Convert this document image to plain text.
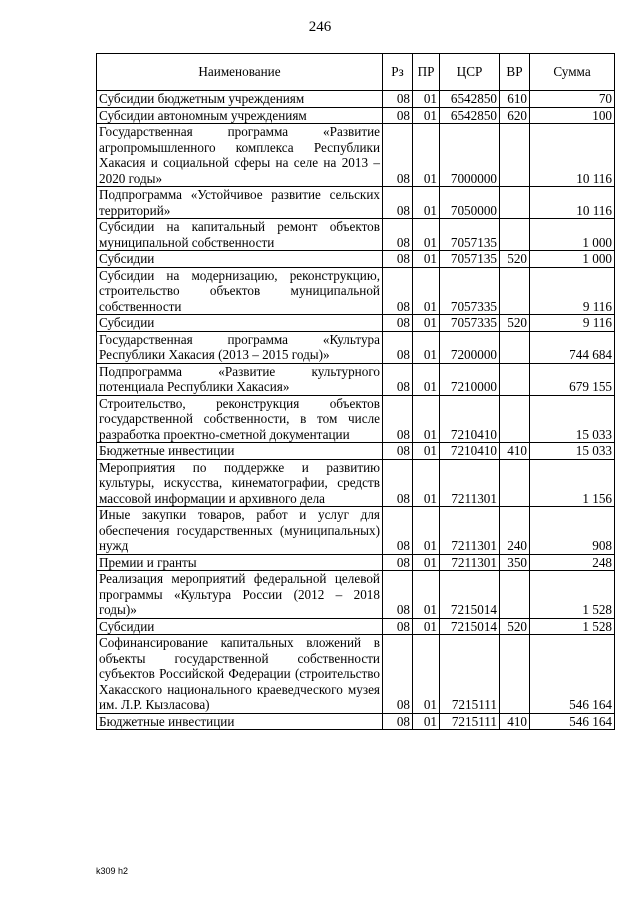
246
Наименование	Рз	ПР	ЦСР	ВР	Сумма
Субсидии бюджетным учреждениям	08	01	6542850	610	70
Субсидии автономным учреждениям	08	01	6542850	620	100
Государственная программа «Развитие агропромышленного комплекса Республики Хакасия и социальной сферы на селе на 2013 – 2020 годы»	08	01	7000000		10 116
Подпрограмма «Устойчивое развитие сельских территорий»	08	01	7050000		10 116
Субсидии на капитальный ремонт объектов муниципальной собственности	08	01	7057135		1 000
Субсидии	08	01	7057135	520	1 000
Субсидии на модернизацию, реконструкцию, строительство объектов муниципальной собственности	08	01	7057335		9 116
Субсидии	08	01	7057335	520	9 116
Государственная программа «Культура Республики Хакасия (2013 – 2015 годы)»	08	01	7200000		744 684
Подпрограмма «Развитие культурного потенциала Республики Хакасия»	08	01	7210000		679 155
Строительство, реконструкция объектов государственной собственности, в том числе разработка проектно-сметной документации	08	01	7210410		15 033
Бюджетные инвестиции	08	01	7210410	410	15 033
Мероприятия по поддержке и развитию культуры, искусства, кинематографии, средств массовой информации и архивного дела	08	01	7211301		1 156
Иные закупки товаров, работ и услуг для обеспечения государственных (муниципальных) нужд	08	01	7211301	240	908
Премии и гранты	08	01	7211301	350	248
Реализация мероприятий федеральной целевой программы «Культура России (2012 – 2018 годы)»	08	01	7215014		1 528
Субсидии	08	01	7215014	520	1 528
Софинансирование капитальных вложений в объекты государственной собственности субъектов Российской Федерации (строительство Хакасского национального краеведческого музея им. Л.Р. Кызласова)	08	01	7215111		546 164
Бюджетные инвестиции	08	01	7215111	410	546 164
k309 h2
